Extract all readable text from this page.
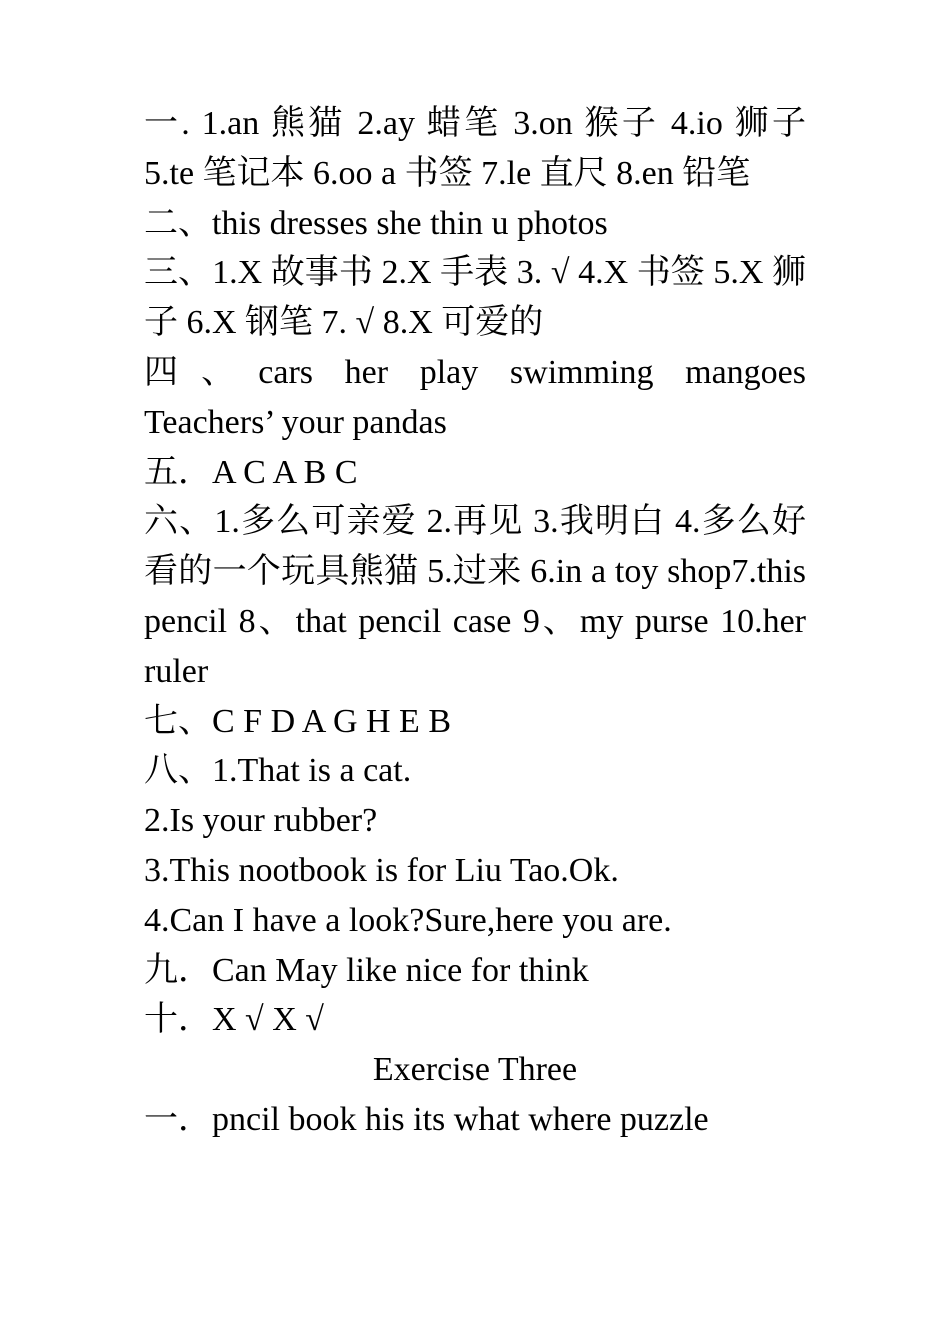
一. 1.an 熊猫 2.ay 蜡笔 3.on 猴子 4.io 狮子 5.te 笔记本 6.oo a 书签 7.le 直尺 8.en 铅笔
二、this dresses she thin u photos
三、1.X 故事书 2.X 手表 3. √ 4.X 书签 5.X 狮子 6.X 钢笔 7. √ 8.X 可爱的
四、cars her play swimming mangoes Teachers’ your pandas
五．A C A B C
六、1.多么可亲爱 2.再见 3.我明白 4.多么好看的一个玩具熊猫 5.过来 6.in a toy shop7.this pencil 8、that pencil case 9、my purse 10.her ruler
七、C F D A G H E B
八、1.That is a cat.
2.Is your rubber?
3.This nootbook is for Liu Tao.Ok.
4.Can I have a look?Sure,here you are.
九．Can May like nice for think
十．X √ X √
Exercise Three
一．pncil book his its what where puzzle
